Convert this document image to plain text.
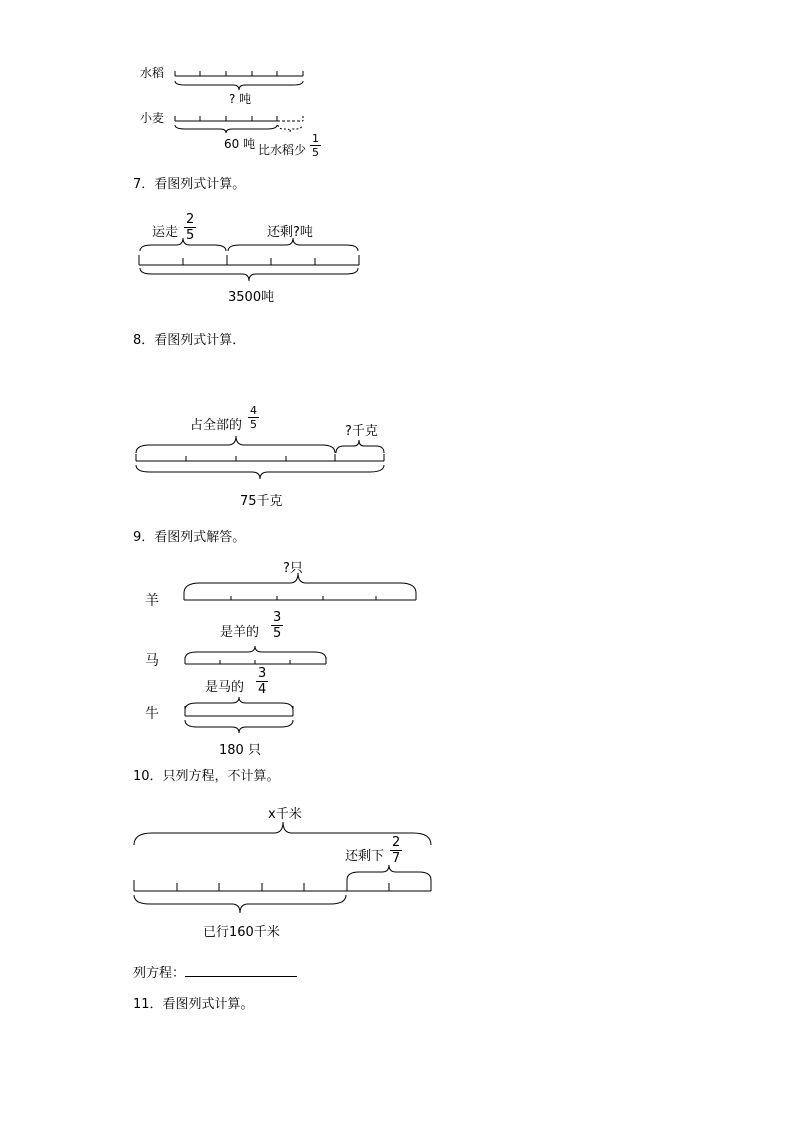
水稻
? 吨
小麦
60 吨 比水稻少 $\frac{1}{5}$
7．看图列式计算。
运走 $\frac{2}{5}$	还剩?吨
3500吨
8．看图列式计算．
占全部的 $\frac{4}{5}$
?千克
75千克
9．看图列式解答。
?只
羊
是羊的 $\frac{3}{5}$
马
是马的 $\frac{3}{4}$
牛
180 只
10．只列方程，不计算。
x千米
还剩下 $\frac{2}{7}$
已行160千米
列方程：
11．看图列式计算。
